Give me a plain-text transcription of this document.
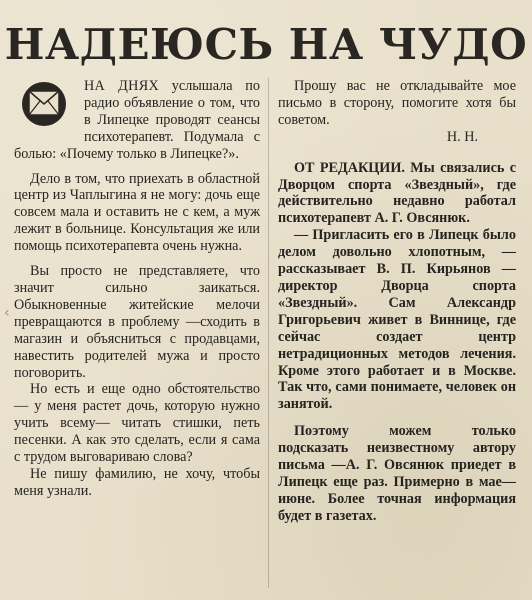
НАДЕЮСЬ НА ЧУДО

НА ДНЯХ услышала по радио объявление о том, что в Липецке проводят сеансы психотерапевт. Подумала с болью: «Почему только в Липецке?».

Дело в том, что приехать в областной центр из Чаплыгина я не могу: дочь еще совсем мала и оставить не с кем, а муж лежит в больнице. Консультация же или помощь психотерапевта очень нужна.

Вы просто не представляете, что значит сильно заикаться. Обыкновенные житейские мелочи превращаются в проблему —сходить в магазин и объясниться с продавцами, навестить родителей мужа и просто поговорить.

Но есть и еще одно обстоятельство — у меня растет дочь, которую нужно учить всему— читать стишки, петь песенки. А как это сделать, если я сама с трудом выговариваю слова?

Не пишу фамилию, не хочу, чтобы меня узнали.

Прошу вас не откладывайте мое письмо в сторону, помогите хотя бы советом.

Н. Н.

ОТ РЕДАКЦИИ. Мы связались с Дворцом спорта «Звездный», где действительно недавно работал психотерапевт А. Г. Овсянюк.

— Пригласить его в Липецк было делом довольно хлопотным, — рассказывает В. П. Кирьянов — директор Дворца спорта «Звездный». Сам Александр Григорьевич живет в Виннице, где сейчас создает центр нетрадиционных методов лечения. Кроме этого работает и в Москве. Так что, сами понимаете, человек он занятой.

Поэтому можем только подсказать неизвестному автору письма —А. Г. Овсянюк приедет в Липецк еще раз. Примерно в мае—июне. Более точная информация будет в газетах.

‹
